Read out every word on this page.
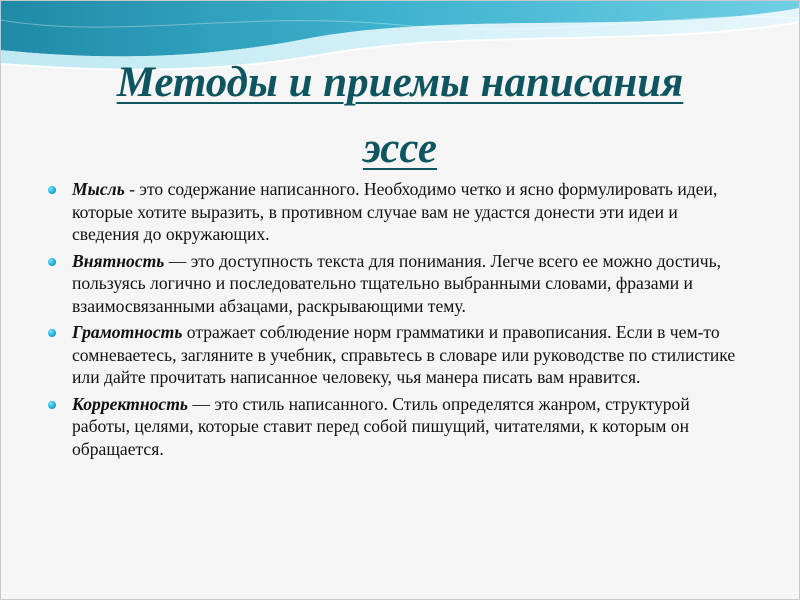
Методы и приемы написания
эссе
Мысль - это содержание написанного. Необходимо четко и ясно формулировать идеи, которые хотите выразить, в противном случае вам не удастся донести эти идеи и сведения до окружающих.
Внятность — это доступность текста для понимания. Легче всего ее можно достичь, пользуясь логично и последовательно тщательно выбранными словами, фразами и взаимосвязанными абзацами, раскрывающими тему.
Грамотность отражает соблюдение норм грамматики и правописания. Если в чем-то сомневаетесь, загляните в учебник, справьтесь в словаре или руководстве по стилистике или дайте прочитать написанное человеку, чья манера писать вам нравится.
Корректность — это стиль написанного. Стиль определятся жанром, структурой работы, целями, которые ставит перед собой пишущий, читателями, к которым он обращается.
